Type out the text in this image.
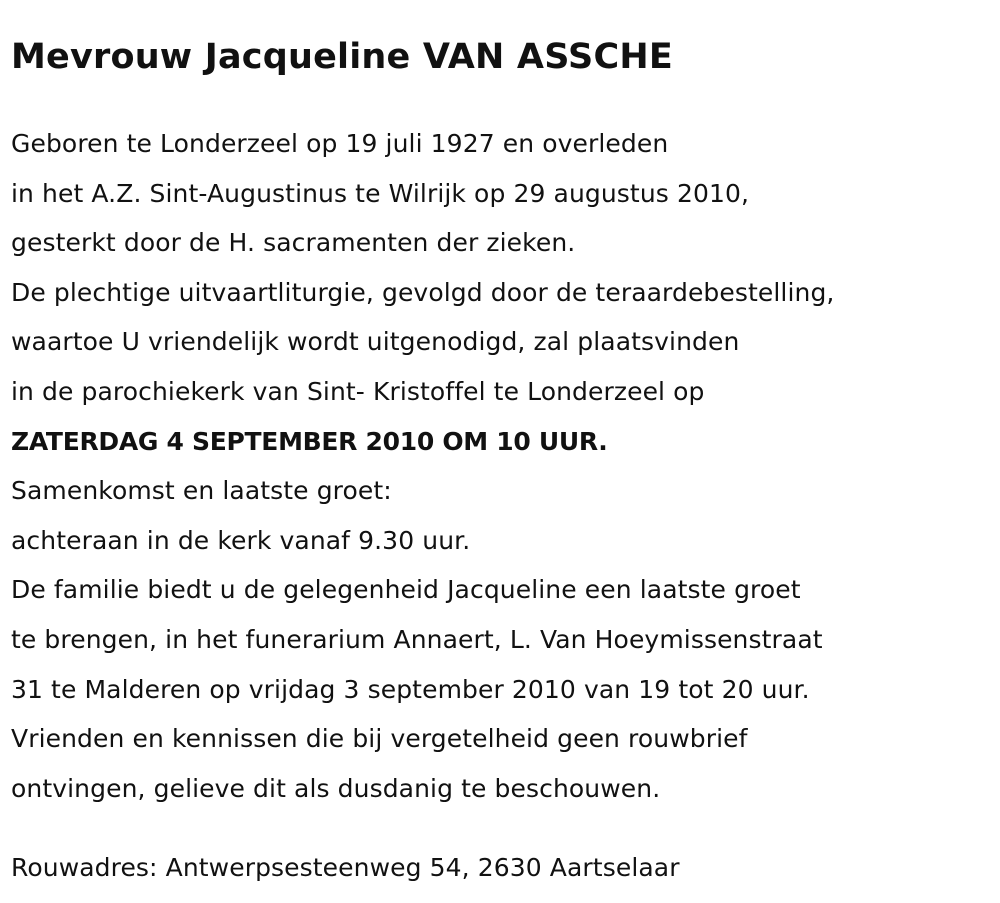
Mevrouw Jacqueline VAN ASSCHE
Geboren te Londerzeel op 19 juli 1927 en overleden
in het A.Z. Sint-Augustinus te Wilrijk op 29 augustus 2010,
gesterkt door de H. sacramenten der zieken.
De plechtige uitvaartliturgie, gevolgd door de teraardebestelling,
waartoe U vriendelijk wordt uitgenodigd, zal plaatsvinden
in de parochiekerk van Sint- Kristoffel te Londerzeel op
ZATERDAG 4 SEPTEMBER 2010 OM 10 UUR.
Samenkomst en laatste groet:
achteraan in de kerk vanaf 9.30 uur.
De familie biedt u de gelegenheid Jacqueline een laatste groet
te brengen, in het funerarium Annaert, L. Van Hoeymissenstraat
31 te Malderen op vrijdag 3 september 2010 van 19 tot 20 uur.
Vrienden en kennissen die bij vergetelheid geen rouwbrief
ontvingen, gelieve dit als dusdanig te beschouwen.

Rouwadres: Antwerpsesteenweg 54, 2630 Aartselaar
